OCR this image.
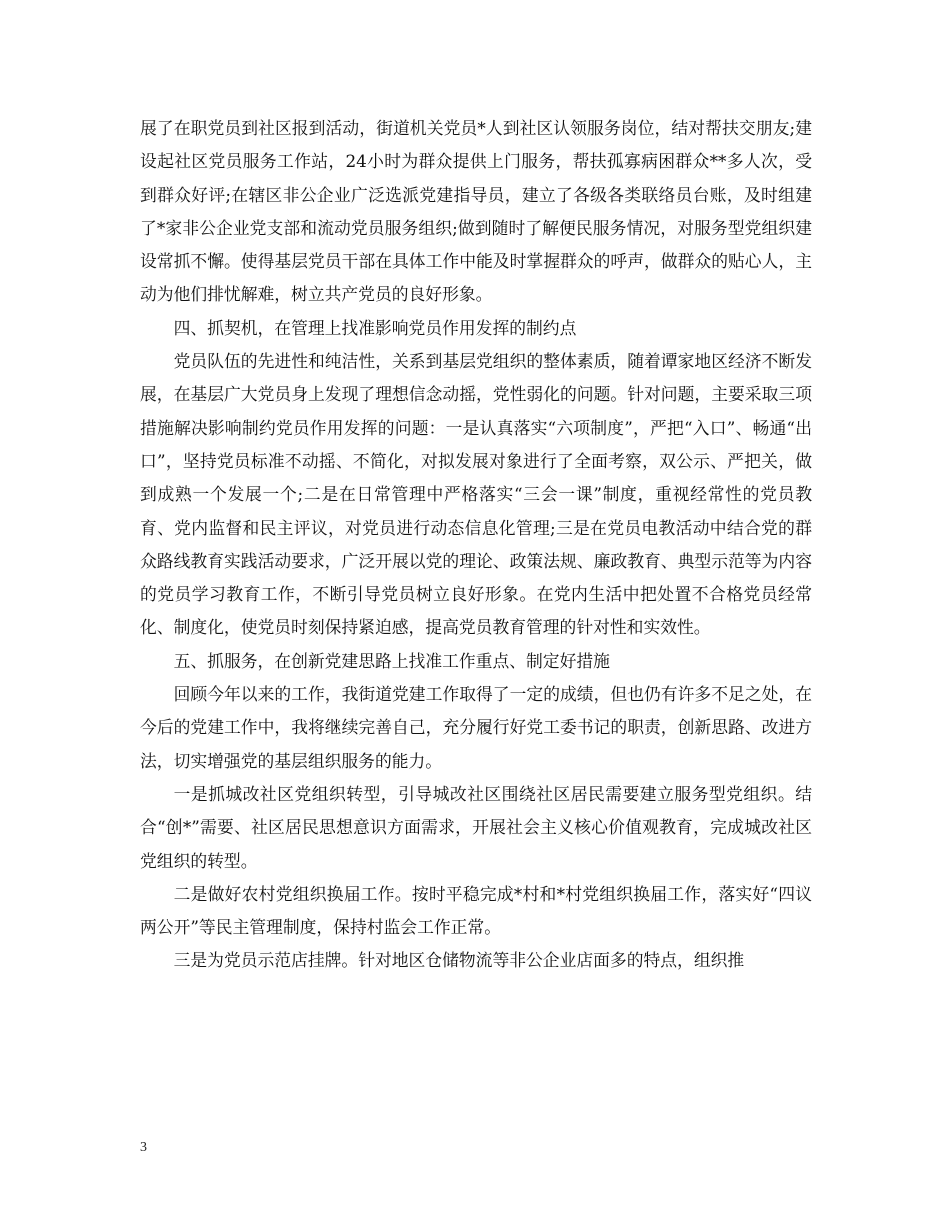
展了在职党员到社区报到活动，街道机关党员*人到社区认领服务岗位，结对帮扶交朋友;建设起社区党员服务工作站，24小时为群众提供上门服务，帮扶孤寡病困群众**多人次，受到群众好评;在辖区非公企业广泛选派党建指导员，建立了各级各类联络员台账，及时组建了*家非公企业党支部和流动党员服务组织;做到随时了解便民服务情况，对服务型党组织建设常抓不懈。使得基层党员干部在具体工作中能及时掌握群众的呼声，做群众的贴心人，主动为他们排忧解难，树立共产党员的良好形象。

四、抓契机，在管理上找准影响党员作用发挥的制约点

党员队伍的先进性和纯洁性，关系到基层党组织的整体素质，随着谭家地区经济不断发展，在基层广大党员身上发现了理想信念动摇，党性弱化的问题。针对问题，主要采取三项措施解决影响制约党员作用发挥的问题：一是认真落实“六项制度”，严把“入口”、畅通“出口”，坚持党员标准不动摇、不简化，对拟发展对象进行了全面考察，双公示、严把关，做到成熟一个发展一个;二是在日常管理中严格落实“三会一课”制度，重视经常性的党员教育、党内监督和民主评议，对党员进行动态信息化管理;三是在党员电教活动中结合党的群众路线教育实践活动要求，广泛开展以党的理论、政策法规、廉政教育、典型示范等为内容的党员学习教育工作，不断引导党员树立良好形象。在党内生活中把处置不合格党员经常化、制度化，使党员时刻保持紧迫感，提高党员教育管理的针对性和实效性。

五、抓服务，在创新党建思路上找准工作重点、制定好措施

回顾今年以来的工作，我街道党建工作取得了一定的成绩，但也仍有许多不足之处，在今后的党建工作中，我将继续完善自己，充分履行好党工委书记的职责，创新思路、改进方法，切实增强党的基层组织服务的能力。

一是抓城改社区党组织转型，引导城改社区围绕社区居民需要建立服务型党组织。结合“创*”需要、社区居民思想意识方面需求，开展社会主义核心价值观教育，完成城改社区党组织的转型。

二是做好农村党组织换届工作。按时平稳完成*村和*村党组织换届工作，落实好“四议两公开”等民主管理制度，保持村监会工作正常。

三是为党员示范店挂牌。针对地区仓储物流等非公企业店面多的特点，组织推

3
